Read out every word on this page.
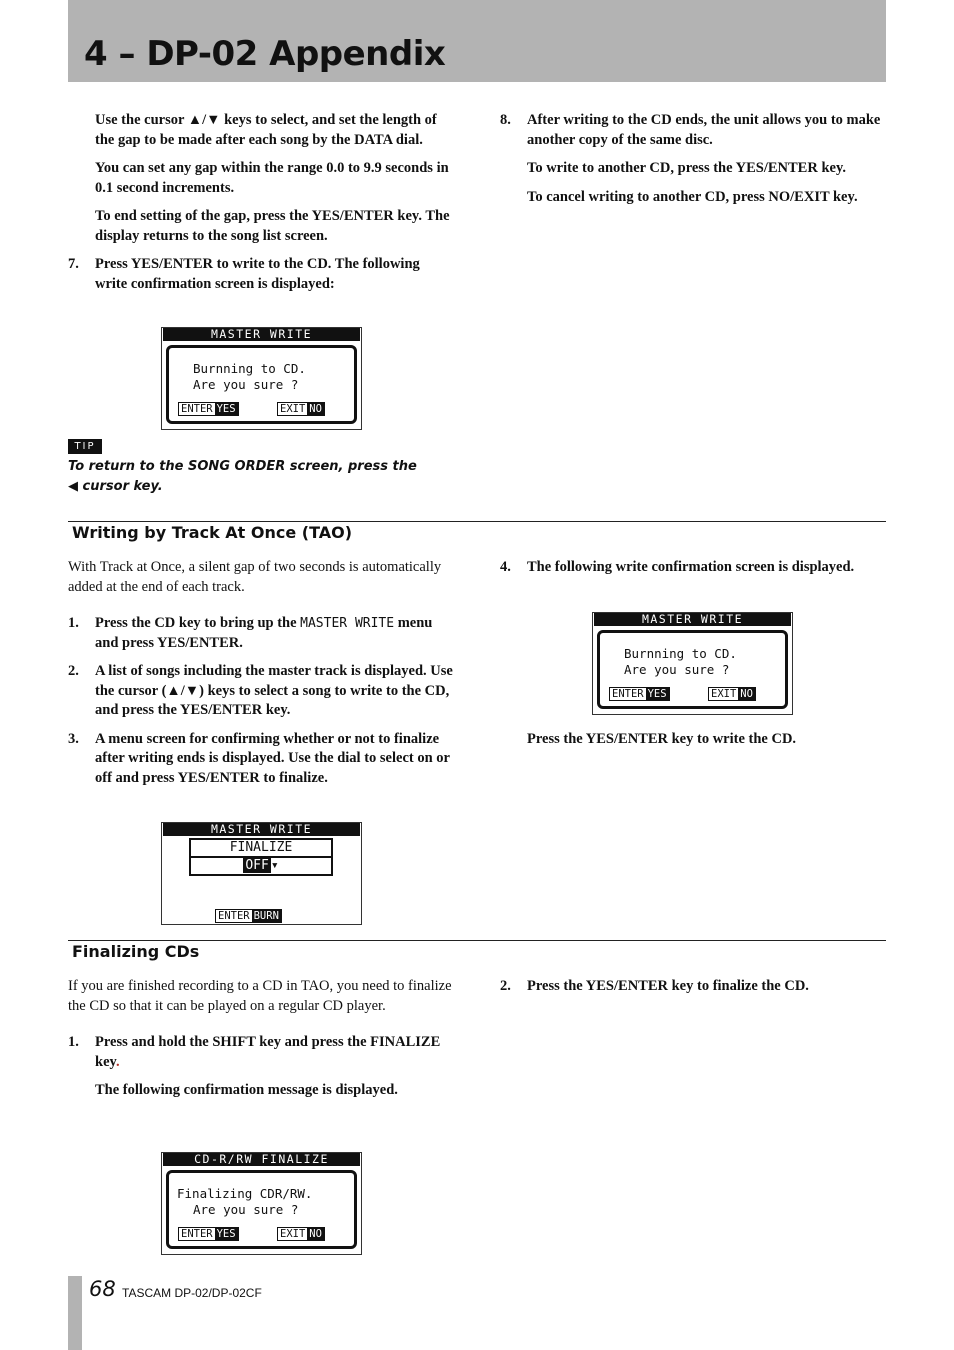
4 – DP-02 Appendix

Use the cursor ▲/▼ keys to select, and set the length of the gap to be made after each song by the DATA dial.

You can set any gap within the range 0.0 to 9.9 seconds in 0.1 second increments.

To end setting of the gap, press the YES/ENTER key. The display returns to the song list screen.

7. Press YES/ENTER to write to the CD. The following write confirmation screen is displayed:

MASTER WRITE
Burnning to CD.
Are you sure ?
ENTER YES	EXIT NO
TIP
To return to the SONG ORDER screen, press the ◀ cursor key.

8. After writing to the CD ends, the unit allows you to make another copy of the same disc.

To write to another CD, press the YES/ENTER key.

To cancel writing to another CD, press NO/EXIT key.

Writing by Track At Once (TAO)

With Track at Once, a silent gap of two seconds is automatically added at the end of each track.

1. Press the CD key to bring up the MASTER WRITE menu and press YES/ENTER.

2. A list of songs including the master track is displayed. Use the cursor (▲/▼) keys to select a song to write to the CD, and press the YES/ENTER key.

3. A menu screen for confirming whether or not to finalize after writing ends is displayed. Use the dial to select on or off and press YES/ENTER to finalize.

MASTER WRITE
FINALIZE
OFF ▾
ENTER BURN

4. The following write confirmation screen is displayed.

MASTER WRITE
Burnning to CD.
Are you sure ?
ENTER YES	EXIT NO

Press the YES/ENTER key to write the CD.

Finalizing CDs

If you are finished recording to a CD in TAO, you need to finalize the CD so that it can be played on a regular CD player.

1. Press and hold the SHIFT key and press the FINALIZE key.

The following confirmation message is displayed.

CD-R/RW FINALIZE
Finalizing CDR/RW.
Are you sure ?
ENTER YES	EXIT NO

2. Press the YES/ENTER key to finalize the CD.

68 TASCAM DP-02/DP-02CF
